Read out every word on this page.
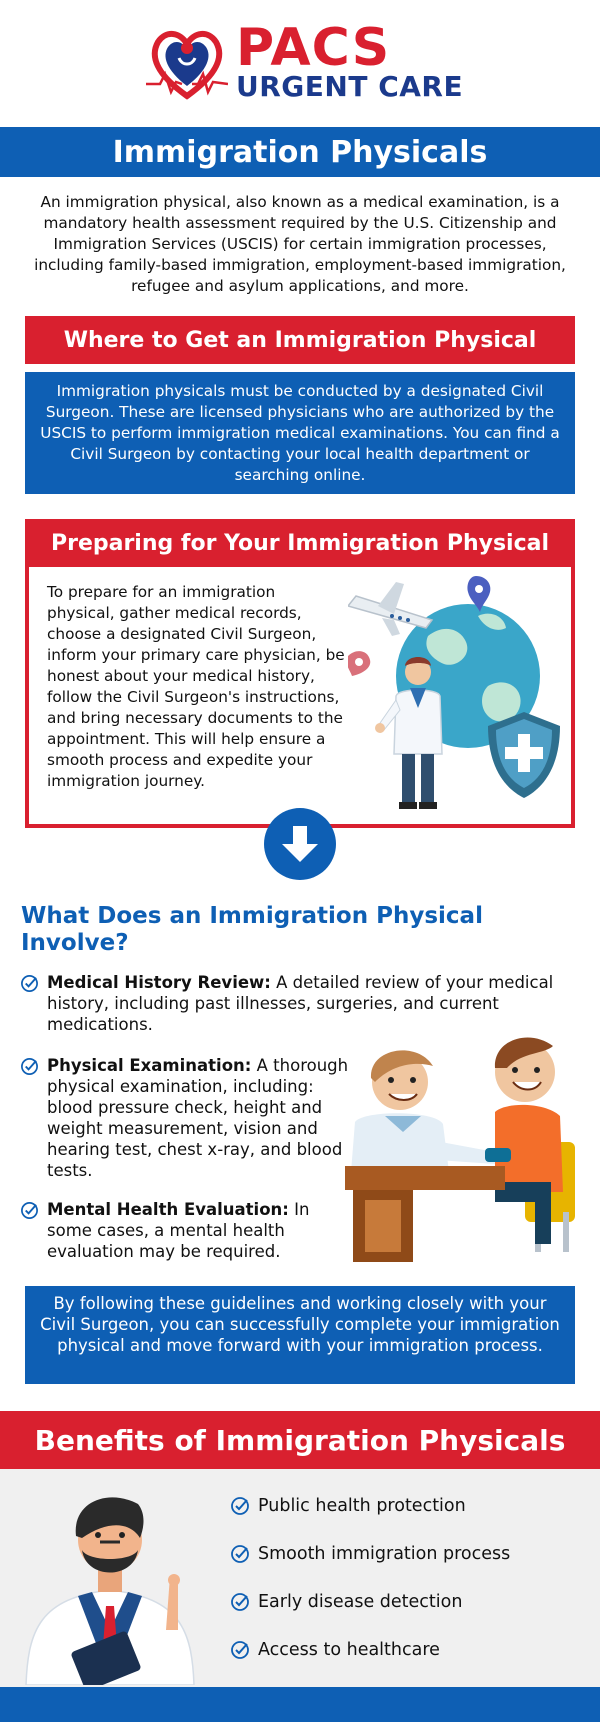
PACS
URGENT CARE
Immigration Physicals
An immigration physical, also known as a medical examination, is a mandatory health assessment required by the U.S. Citizenship and Immigration Services (USCIS) for certain immigration processes, including family-based immigration, employment-based immigration, refugee and asylum applications, and more.
Where to Get an Immigration Physical
Immigration physicals must be conducted by a designated Civil Surgeon. These are licensed physicians who are authorized by the USCIS to perform immigration medical examinations. You can find a Civil Surgeon by contacting your local health department or searching online.
Preparing for Your Immigration Physical
To prepare for an immigration physical, gather medical records, choose a designated Civil Surgeon, inform your primary care physician, be honest about your medical history, follow the Civil Surgeon's instructions, and bring necessary documents to the appointment. This will help ensure a smooth process and expedite your immigration journey.
What Does an Immigration Physical Involve?
Medical History Review: A detailed review of your medical history, including past illnesses, surgeries, and current medications.
Physical Examination: A thorough physical examination, including: blood pressure check, height and weight measurement, vision and hearing test, chest x-ray, and blood tests.
Mental Health Evaluation: In some cases, a mental health evaluation may be required.
By following these guidelines and working closely with your Civil Surgeon, you can successfully complete your immigration physical and move forward with your immigration process.
Benefits of Immigration Physicals
Public health protection
Smooth immigration process
Early disease detection
Access to healthcare
